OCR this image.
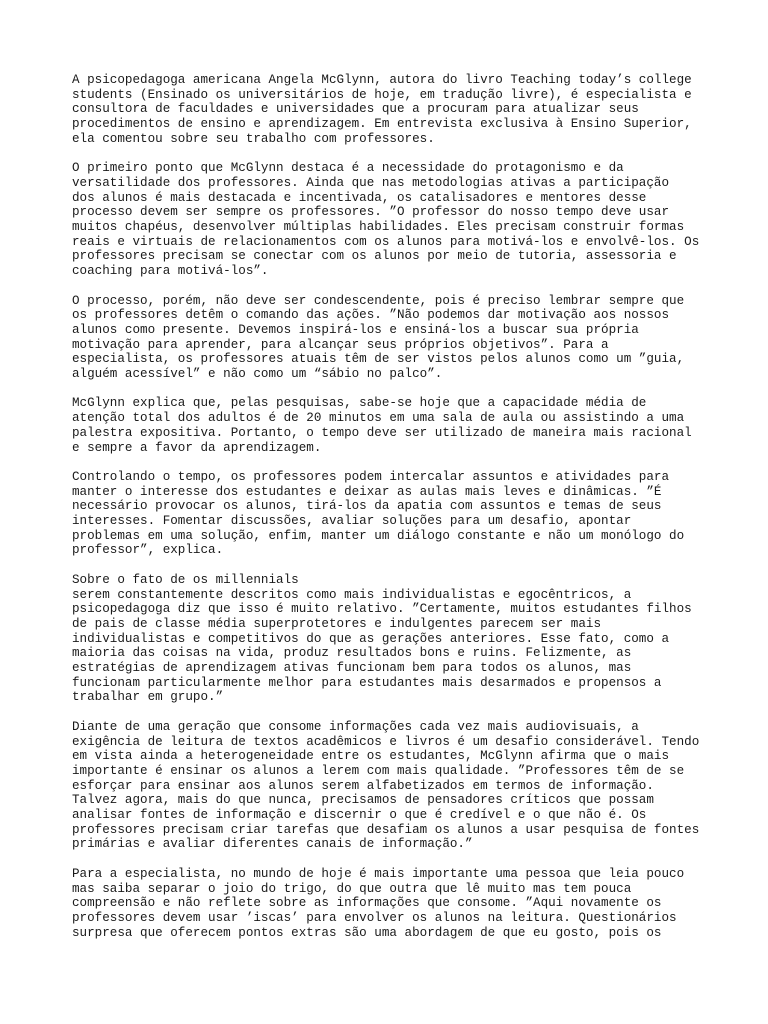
A psicopedagoga americana Angela McGlynn, autora do livro Teaching today’s college
students (Ensinado os universitários de hoje, em tradução livre), é especialista e
consultora de faculdades e universidades que a procuram para atualizar seus
procedimentos de ensino e aprendizagem. Em entrevista exclusiva à Ensino Superior,
ela comentou sobre seu trabalho com professores.

O primeiro ponto que McGlynn destaca é a necessidade do protagonismo e da
versatilidade dos professores. Ainda que nas metodologias ativas a participação
dos alunos é mais destacada e incentivada, os catalisadores e mentores desse
processo devem ser sempre os professores. ”O professor do nosso tempo deve usar
muitos chapéus, desenvolver múltiplas habilidades. Eles precisam construir formas
reais e virtuais de relacionamentos com os alunos para motivá-los e envolvê-los. Os
professores precisam se conectar com os alunos por meio de tutoria, assessoria e
coaching para motivá-los”.

O processo, porém, não deve ser condescendente, pois é preciso lembrar sempre que
os professores detêm o comando das ações. ”Não podemos dar motivação aos nossos
alunos como presente. Devemos inspirá-los e ensiná-los a buscar sua própria
motivação para aprender, para alcançar seus próprios objetivos”. Para a
especialista, os professores atuais têm de ser vistos pelos alunos como um ”guia,
alguém acessível” e não como um “sábio no palco”.

McGlynn explica que, pelas pesquisas, sabe-se hoje que a capacidade média de
atenção total dos adultos é de 20 minutos em uma sala de aula ou assistindo a uma
palestra expositiva. Portanto, o tempo deve ser utilizado de maneira mais racional
e sempre a favor da aprendizagem.

Controlando o tempo, os professores podem intercalar assuntos e atividades para
manter o interesse dos estudantes e deixar as aulas mais leves e dinâmicas. ”É
necessário provocar os alunos, tirá-los da apatia com assuntos e temas de seus
interesses. Fomentar discussões, avaliar soluções para um desafio, apontar
problemas em uma solução, enfim, manter um diálogo constante e não um monólogo do
professor”, explica.

Sobre o fato de os millennials
serem constantemente descritos como mais individualistas e egocêntricos, a
psicopedagoga diz que isso é muito relativo. ”Certamente, muitos estudantes filhos
de pais de classe média superprotetores e indulgentes parecem ser mais
individualistas e competitivos do que as gerações anteriores. Esse fato, como a
maioria das coisas na vida, produz resultados bons e ruins. Felizmente, as
estratégias de aprendizagem ativas funcionam bem para todos os alunos, mas
funcionam particularmente melhor para estudantes mais desarmados e propensos a
trabalhar em grupo.”

Diante de uma geração que consome informações cada vez mais audiovisuais, a
exigência de leitura de textos acadêmicos e livros é um desafio considerável. Tendo
em vista ainda a heterogeneidade entre os estudantes, McGlynn afirma que o mais
importante é ensinar os alunos a lerem com mais qualidade. ”Professores têm de se
esforçar para ensinar aos alunos serem alfabetizados em termos de informação.
Talvez agora, mais do que nunca, precisamos de pensadores críticos que possam
analisar fontes de informação e discernir o que é credível e o que não é. Os
professores precisam criar tarefas que desafiam os alunos a usar pesquisa de fontes
primárias e avaliar diferentes canais de informação.”

Para a especialista, no mundo de hoje é mais importante uma pessoa que leia pouco
mas saiba separar o joio do trigo, do que outra que lê muito mas tem pouca
compreensão e não reflete sobre as informações que consome. ”Aqui novamente os
professores devem usar ’iscas’ para envolver os alunos na leitura. Questionários
surpresa que oferecem pontos extras são uma abordagem de que eu gosto, pois os
